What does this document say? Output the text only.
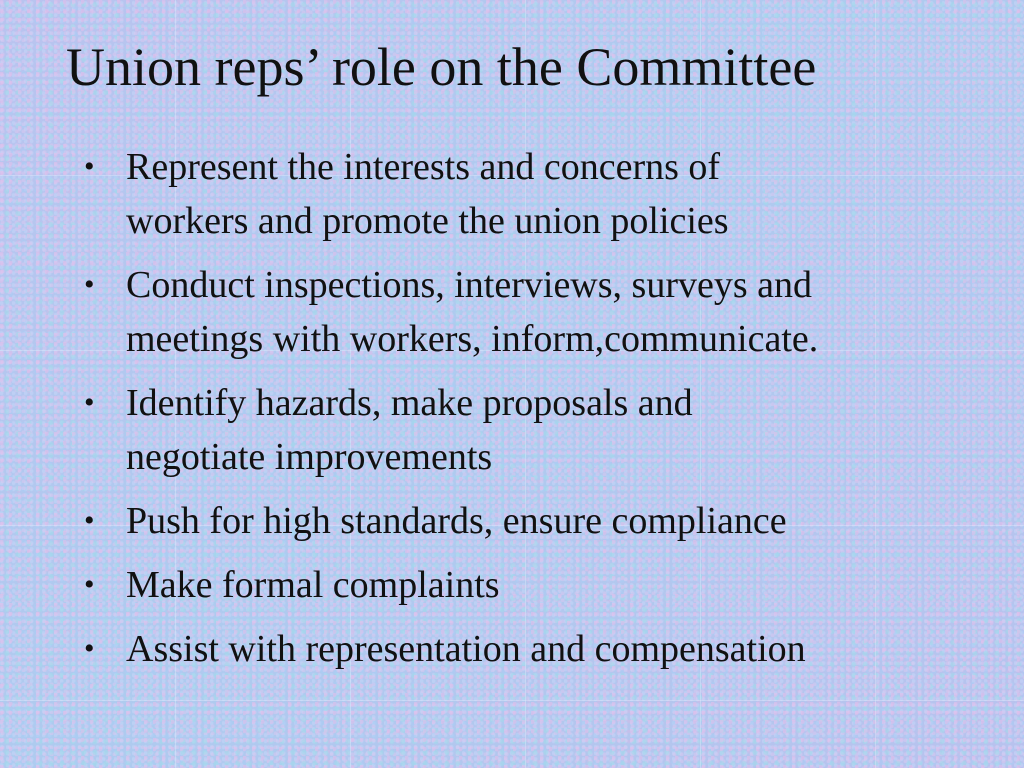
Union reps’ role on the Committee
• Represent the interests and concerns of
workers and promote the union policies
• Conduct inspections, interviews, surveys and
meetings with workers, inform,communicate.
• Identify hazards, make proposals and
negotiate improvements
• Push for high standards, ensure compliance
• Make formal complaints
• Assist with representation and compensation
